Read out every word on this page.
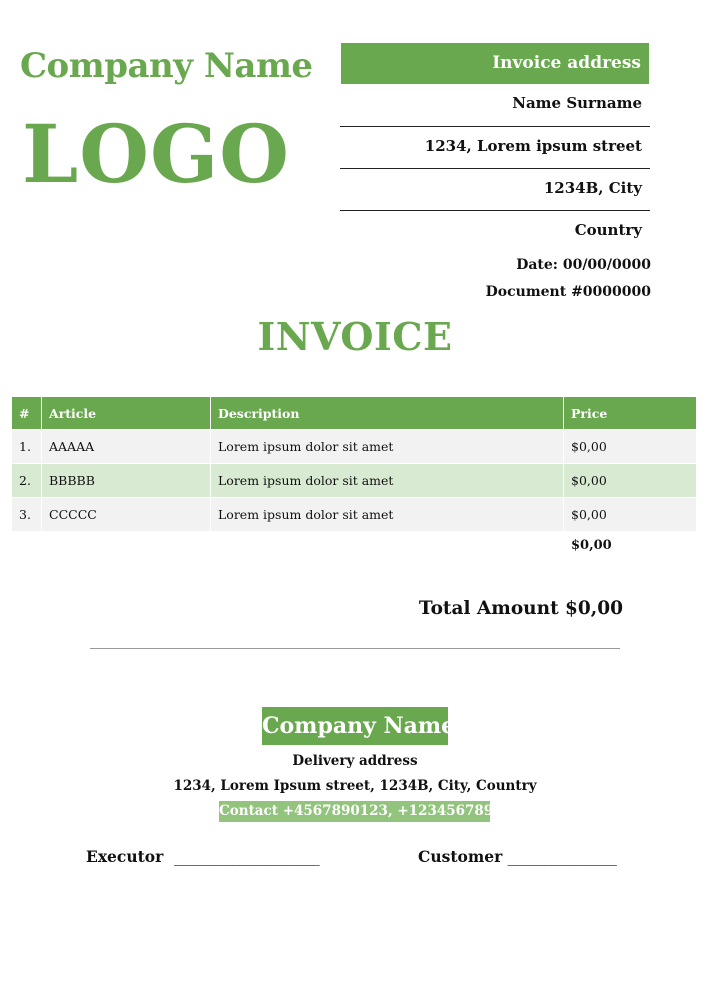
Company Name
LOGO
Invoice address
Name Surname
1234, Lorem ipsum street
1234B, City
Country
Date: 00/00/0000
Document #0000000
INVOICE
#	Article	Description	Price
1.	AAAAA	Lorem ipsum dolor sit amet	$0,00
2.	BBBBB	Lorem ipsum dolor sit amet	$0,00
3.	CCCCC	Lorem ipsum dolor sit amet	$0,00
$0,00
Total Amount $0,00
Company Name
Delivery address
1234, Lorem Ipsum street, 1234B, City, Country
Contact +4567890123, +123456789124
Executor ____________________	Customer _______________
